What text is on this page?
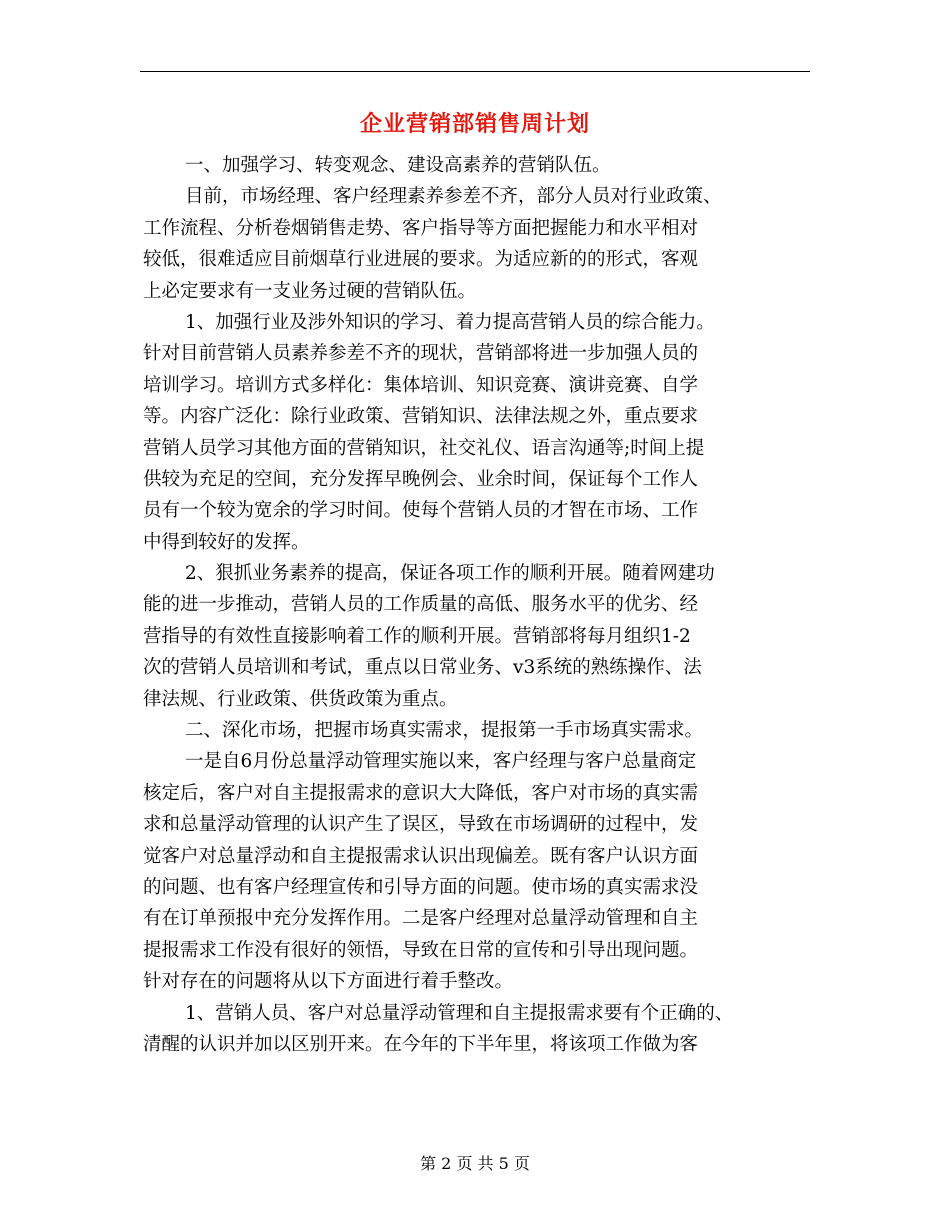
企业营销部销售周计划
一、加强学习、转变观念、建设高素养的营销队伍。
目前，市场经理、客户经理素养参差不齐，部分人员对行业政策、
工作流程、分析卷烟销售走势、客户指导等方面把握能力和水平相对
较低，很难适应目前烟草行业进展的要求。为适应新的的形式，客观
上必定要求有一支业务过硬的营销队伍。
1、加强行业及涉外知识的学习、着力提高营销人员的综合能力。
针对目前营销人员素养参差不齐的现状，营销部将进一步加强人员的
培训学习。培训方式多样化：集体培训、知识竞赛、演讲竞赛、自学
等。内容广泛化：除行业政策、营销知识、法律法规之外，重点要求
营销人员学习其他方面的营销知识，社交礼仪、语言沟通等;时间上提
供较为充足的空间，充分发挥早晚例会、业余时间，保证每个工作人
员有一个较为宽余的学习时间。使每个营销人员的才智在市场、工作
中得到较好的发挥。
2、狠抓业务素养的提高，保证各项工作的顺利开展。随着网建功
能的进一步推动，营销人员的工作质量的高低、服务水平的优劣、经
营指导的有效性直接影响着工作的顺利开展。营销部将每月组织1-2
次的营销人员培训和考试，重点以日常业务、v3系统的熟练操作、法
律法规、行业政策、供货政策为重点。
二、深化市场，把握市场真实需求，提报第一手市场真实需求。
一是自6月份总量浮动管理实施以来，客户经理与客户总量商定
核定后，客户对自主提报需求的意识大大降低，客户对市场的真实需
求和总量浮动管理的认识产生了误区，导致在市场调研的过程中，发
觉客户对总量浮动和自主提报需求认识出现偏差。既有客户认识方面
的问题、也有客户经理宣传和引导方面的问题。使市场的真实需求没
有在订单预报中充分发挥作用。二是客户经理对总量浮动管理和自主
提报需求工作没有很好的领悟，导致在日常的宣传和引导出现问题。
针对存在的问题将从以下方面进行着手整改。
1、营销人员、客户对总量浮动管理和自主提报需求要有个正确的、
清醒的认识并加以区别开来。在今年的下半年里，将该项工作做为客
第 2 页 共 5 页
